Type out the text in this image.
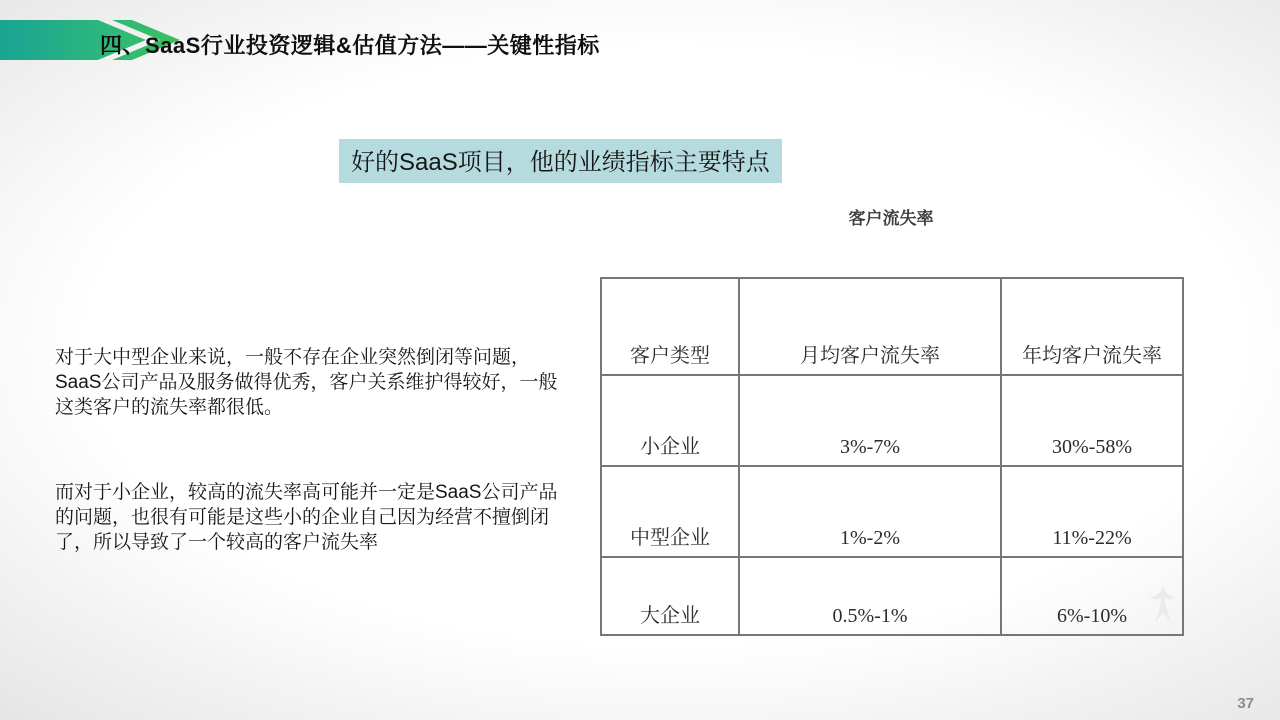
四、SaaS行业投资逻辑&估值方法——关键性指标
好的SaaS项目，他的业绩指标主要特点
对于大中型企业来说，一般不存在企业突然倒闭等问题，SaaS公司产品及服务做得优秀，客户关系维护得较好，一般这类客户的流失率都很低。
而对于小企业，较高的流失率高可能并一定是SaaS公司产品的问题，也很有可能是这些小的企业自己因为经营不擅倒闭了，所以导致了一个较高的客户流失率
客户流失率
客户类型	月均客户流失率	年均客户流失率
小企业	3%-7%	30%-58%
中型企业	1%-2%	11%-22%
大企业	0.5%-1%	6%-10%
37
